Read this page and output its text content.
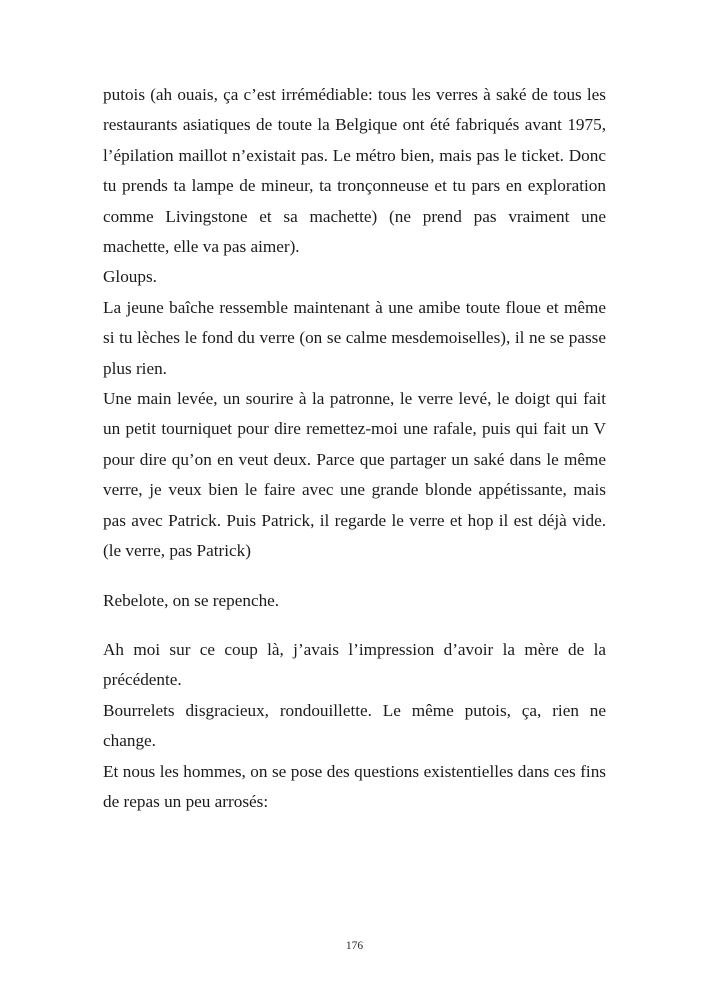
putois (ah ouais, ça c’est irrémédiable: tous les verres à saké de tous les restaurants asiatiques de toute la Belgique ont été fabriqués avant 1975, l’épilation maillot n’existait pas. Le métro bien, mais pas le ticket. Donc tu prends ta lampe de mineur, ta tronçonneuse et tu pars en exploration comme Livingstone et sa machette) (ne prend pas vraiment une machette, elle va pas aimer).

Gloups.

La jeune baîche ressemble maintenant à une amibe toute floue et même si tu lèches le fond du verre (on se calme mesdemoiselles), il ne se passe plus rien.

Une main levée, un sourire à la patronne, le verre levé, le doigt qui fait un petit tourniquet pour dire remettez-moi une rafale, puis qui fait un V pour dire qu’on en veut deux. Parce que partager un saké dans le même verre, je veux bien le faire avec une grande blonde appétissante, mais pas avec Patrick. Puis Patrick, il regarde le verre et hop il est déjà vide. (le verre, pas Patrick)

Rebelote, on se repenche.

Ah moi sur ce coup là, j’avais l’impression d’avoir la mère de la précédente.

Bourrelets disgracieux, rondouillette. Le même putois, ça, rien ne change.

Et nous les hommes, on se pose des questions existentielles dans ces fins de repas un peu arrosés:

176
